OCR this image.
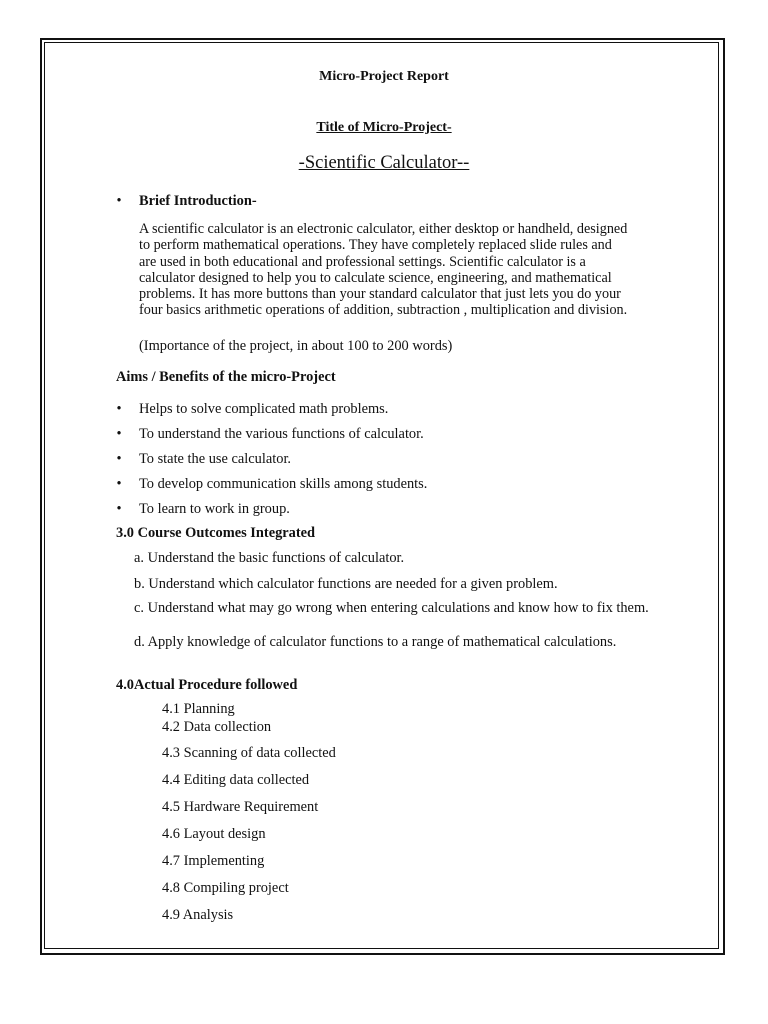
Micro-Project Report
Title of Micro-Project-
-Scientific Calculator--
•	Brief Introduction-
A scientific calculator is an electronic calculator, either desktop or handheld, designed
to perform mathematical operations. They have completely replaced slide rules and
are used in both educational and professional settings. Scientific calculator is a
calculator designed to help you to calculate science, engineering, and mathematical
problems. It has more buttons than your standard calculator that just lets you do your
four basics arithmetic operations of addition, subtraction , multiplication and division.
(Importance of the project, in about 100 to 200 words)
Aims / Benefits of the micro-Project
•	Helps to solve complicated math problems.
•	To understand the various functions of calculator.
•	To state the use calculator.
•	To develop communication skills among students.
•	To learn to work in group.
3.0 Course Outcomes Integrated
a. Understand the basic functions of calculator.
b. Understand which calculator functions are needed for a given problem.
c. Understand what may go wrong when entering calculations and know how to fix them.
d. Apply knowledge of calculator functions to a range of mathematical calculations.
4.0Actual Procedure followed
4.1 Planning
4.2 Data collection
4.3 Scanning of data collected
4.4 Editing data collected
4.5 Hardware Requirement
4.6 Layout design
4.7 Implementing
4.8 Compiling project
4.9 Analysis
